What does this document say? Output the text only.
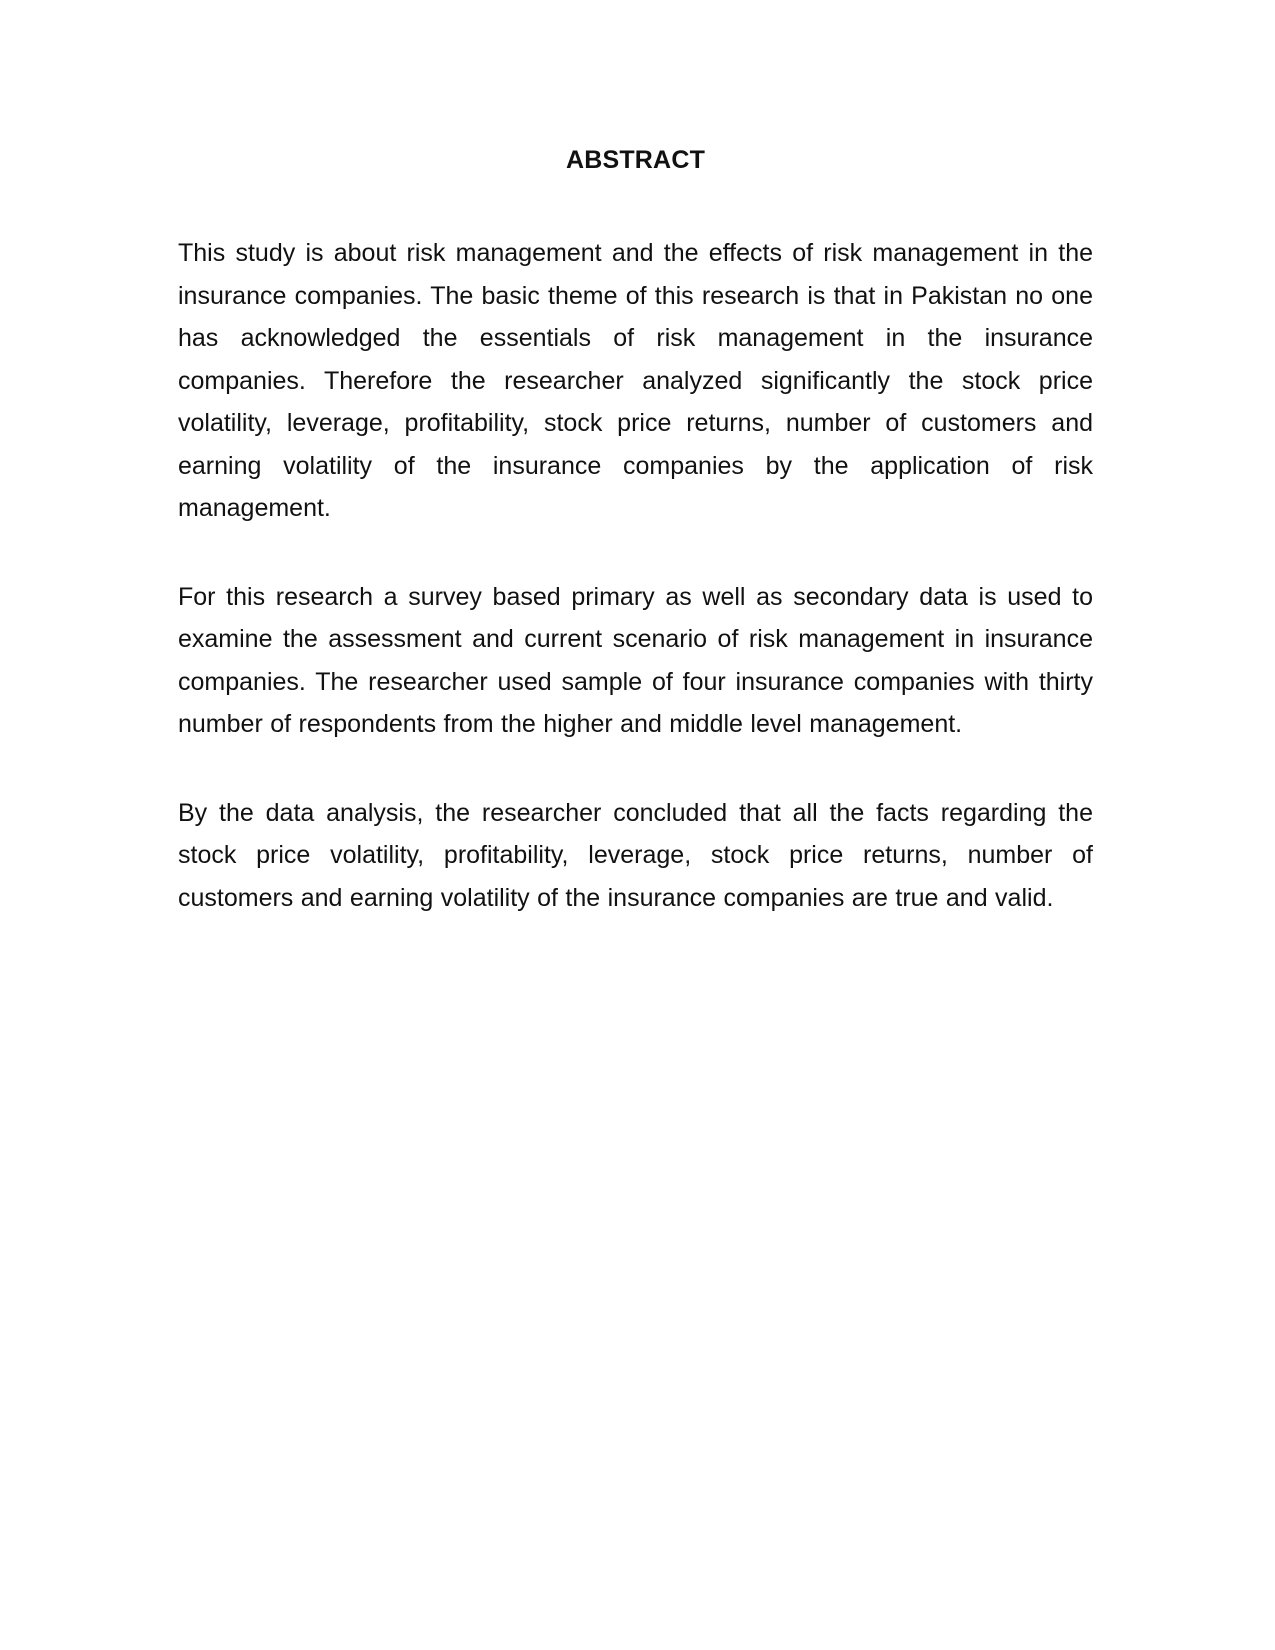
ABSTRACT
This study is about risk management and the effects of risk management in the
insurance companies. The basic theme of this research is that in Pakistan no one
has acknowledged the essentials of risk management in the insurance
companies. Therefore the researcher analyzed significantly the stock price
volatility, leverage, profitability, stock price returns, number of customers and
earning volatility of the insurance companies by the application of risk
management.
For this research a survey based primary as well as secondary data is used to
examine the assessment and current scenario of risk management in insurance
companies. The researcher used sample of four insurance companies with thirty
number of respondents from the higher and middle level management.
By the data analysis, the researcher concluded that all the facts regarding the
stock price volatility, profitability, leverage, stock price returns, number of
customers and earning volatility of the insurance companies are true and valid.
